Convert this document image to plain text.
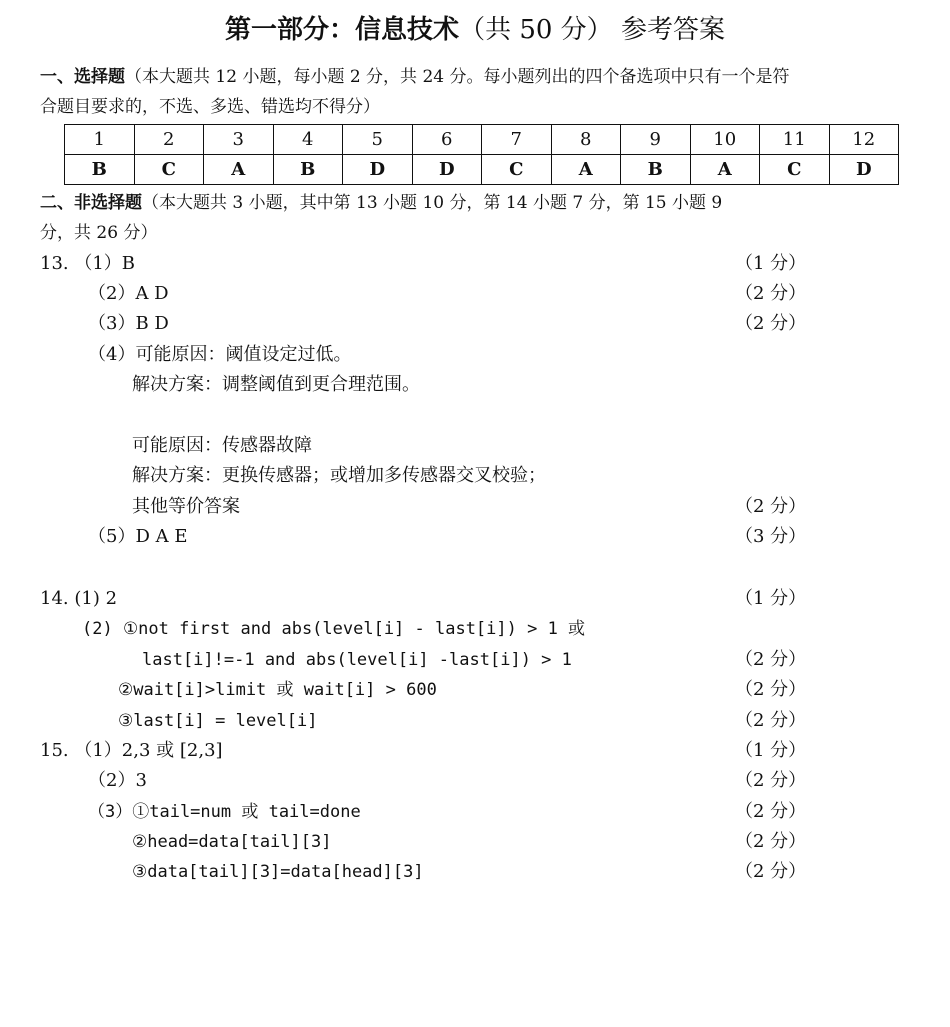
第一部分：信息技术（共 50 分） 参考答案
一、选择题（本大题共 12 小题，每小题 2 分，共 24 分。每小题列出的四个备选项中只有一个是符
合题目要求的，不选、多选、错选均不得分）
1	2	3	4	5	6	7	8	9	10	11	12
B	C	A	B	D	D	C	A	B	A	C	D
二、非选择题（本大题共 3 小题，其中第 13 小题 10 分，第 14 小题 7 分，第 15 小题 9
分，共 26 分）
13. （1）B	（1 分）
（2）A D	（2 分）
（3）B D	（2 分）
（4）可能原因：阈值设定过低。
解决方案：调整阈值到更合理范围。
可能原因：传感器故障
解决方案：更换传感器；或增加多传感器交叉校验；
其他等价答案	（2 分）
（5）D A E	（3 分）
14. (1) 2	（1 分）
(2) ①not first and abs(level[i] - last[i]) > 1 或
last[i]!=-1 and abs(level[i] -last[i]) > 1	（2 分）
②wait[i]>limit 或 wait[i] > 600	（2 分）
③last[i] = level[i]	（2 分）
15. （1）2,3 或 [2,3]	（1 分）
（2）3	（2 分）
（3）①tail=num 或 tail=done	（2 分）
②head=data[tail][3]	（2 分）
③data[tail][3]=data[head][3]	（2 分）
